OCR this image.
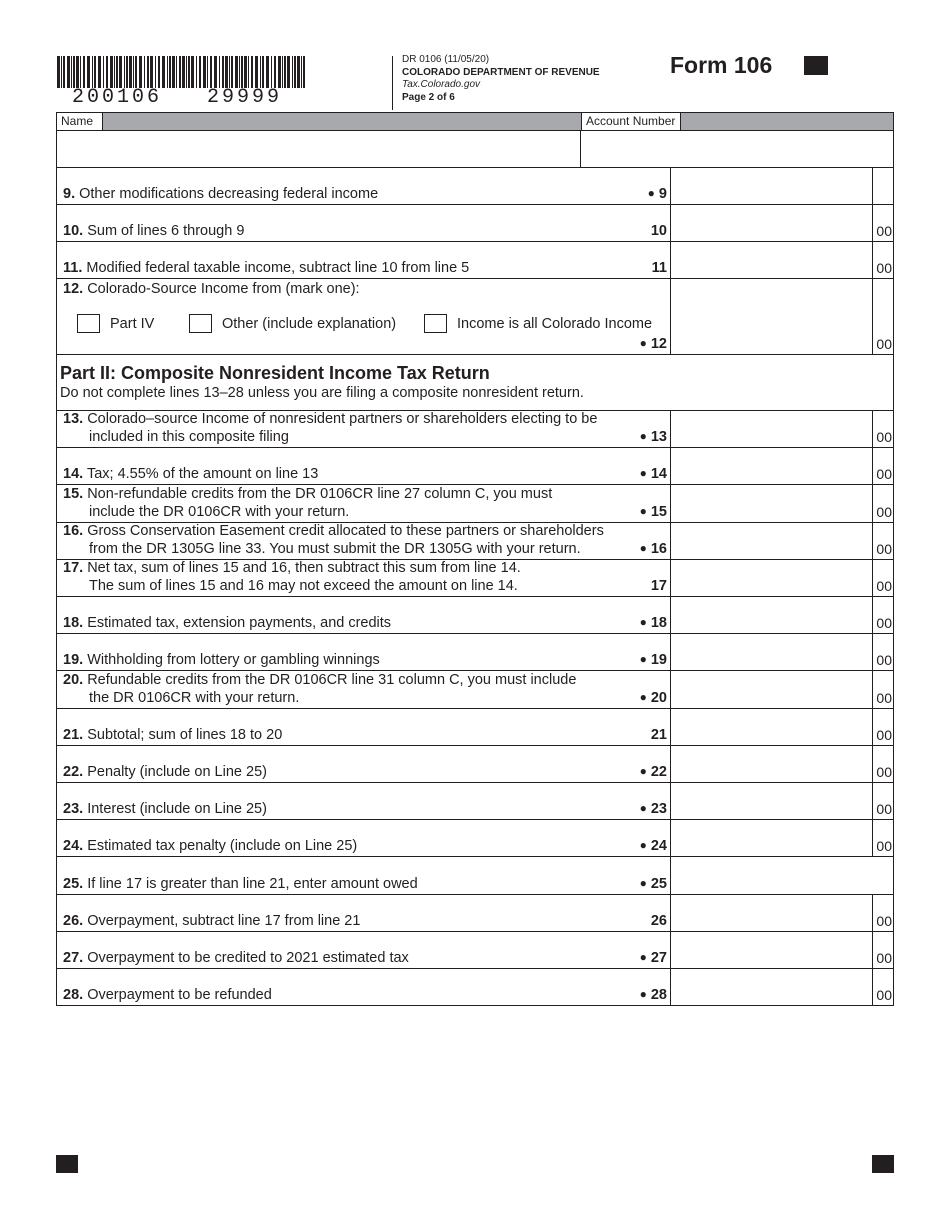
200106   29999
DR 0106 (11/05/20)
COLORADO DEPARTMENT OF REVENUE
Tax.Colorado.gov
Page 2 of 6
Form 106
Name	Account Number
9. Other modifications decreasing federal income	● 9
10. Sum of lines 6 through 9	10	00
11. Modified federal taxable income, subtract line 10 from line 5	11	00
12. Colorado-Source Income from (mark one):
● 12	00
Part IV	Other (include explanation)	Income is all Colorado Income
Part II: Composite Nonresident Income Tax Return
Do not complete lines 13–28 unless you are filing a composite nonresident return.
13. Colorado–source Income of nonresident partners or shareholders electing to be
included in this composite filing	● 13	00
14. Tax; 4.55% of the amount on line 13	● 14	00
15. Non-refundable credits from the DR 0106CR line 27 column C, you must
include the DR 0106CR with your return.	● 15	00
16. Gross Conservation Easement credit allocated to these partners or shareholders
from the DR 1305G line 33. You must submit the DR 1305G with your return.	● 16	00
17. Net tax, sum of lines 15 and 16, then subtract this sum from line 14.
The sum of lines 15 and 16 may not exceed the amount on line 14.	17	00
18. Estimated tax, extension payments, and credits	● 18	00
19. Withholding from lottery or gambling winnings	● 19	00
20. Refundable credits from the DR 0106CR line 31 column C, you must include
the DR 0106CR with your return.	● 20	00
21. Subtotal; sum of lines 18 to 20	21	00
22. Penalty (include on Line 25)	● 22	00
23. Interest (include on Line 25)	● 23	00
24. Estimated tax penalty (include on Line 25)	● 24	00
25. If line 17 is greater than line 21, enter amount owed	● 25
26. Overpayment, subtract line 17 from line 21	26	00
27. Overpayment to be credited to 2021 estimated tax	● 27	00
28. Overpayment to be refunded	● 28	00
